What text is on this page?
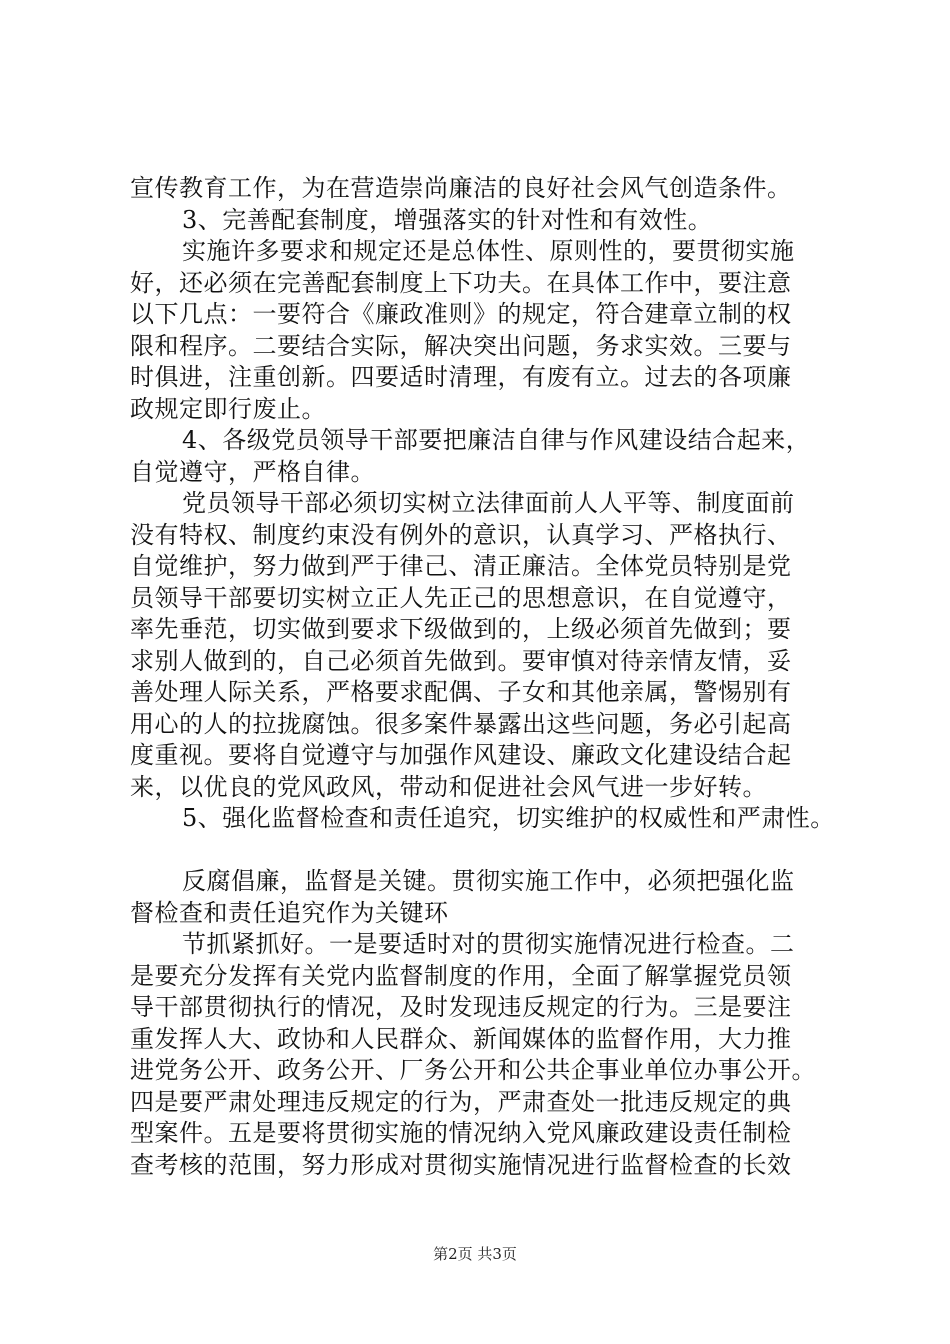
宣传教育工作，为在营造崇尚廉洁的良好社会风气创造条件。
3、完善配套制度，增强落实的针对性和有效性。
实施许多要求和规定还是总体性、原则性的，要贯彻实施
好，还必须在完善配套制度上下功夫。在具体工作中，要注意
以下几点：一要符合《廉政准则》的规定，符合建章立制的权
限和程序。二要结合实际，解决突出问题，务求实效。三要与
时俱进，注重创新。四要适时清理，有废有立。过去的各项廉
政规定即行废止。
4、各级党员领导干部要把廉洁自律与作风建设结合起来，
自觉遵守，严格自律。
党员领导干部必须切实树立法律面前人人平等、制度面前
没有特权、制度约束没有例外的意识，认真学习、严格执行、
自觉维护，努力做到严于律己、清正廉洁。全体党员特别是党
员领导干部要切实树立正人先正己的思想意识，在自觉遵守，
率先垂范，切实做到要求下级做到的，上级必须首先做到；要
求别人做到的，自己必须首先做到。要审慎对待亲情友情，妥
善处理人际关系，严格要求配偶、子女和其他亲属，警惕别有
用心的人的拉拢腐蚀。很多案件暴露出这些问题，务必引起高
度重视。要将自觉遵守与加强作风建设、廉政文化建设结合起
来，以优良的党风政风，带动和促进社会风气进一步好转。
5、强化监督检查和责任追究，切实维护的权威性和严肃性。
反腐倡廉，监督是关键。贯彻实施工作中，必须把强化监
督检查和责任追究作为关键环
节抓紧抓好。一是要适时对的贯彻实施情况进行检查。二
是要充分发挥有关党内监督制度的作用，全面了解掌握党员领
导干部贯彻执行的情况，及时发现违反规定的行为。三是要注
重发挥人大、政协和人民群众、新闻媒体的监督作用，大力推
进党务公开、政务公开、厂务公开和公共企事业单位办事公开。
四是要严肃处理违反规定的行为，严肃查处一批违反规定的典
型案件。五是要将贯彻实施的情况纳入党风廉政建设责任制检
查考核的范围，努力形成对贯彻实施情况进行监督检查的长效
第2页 共3页
